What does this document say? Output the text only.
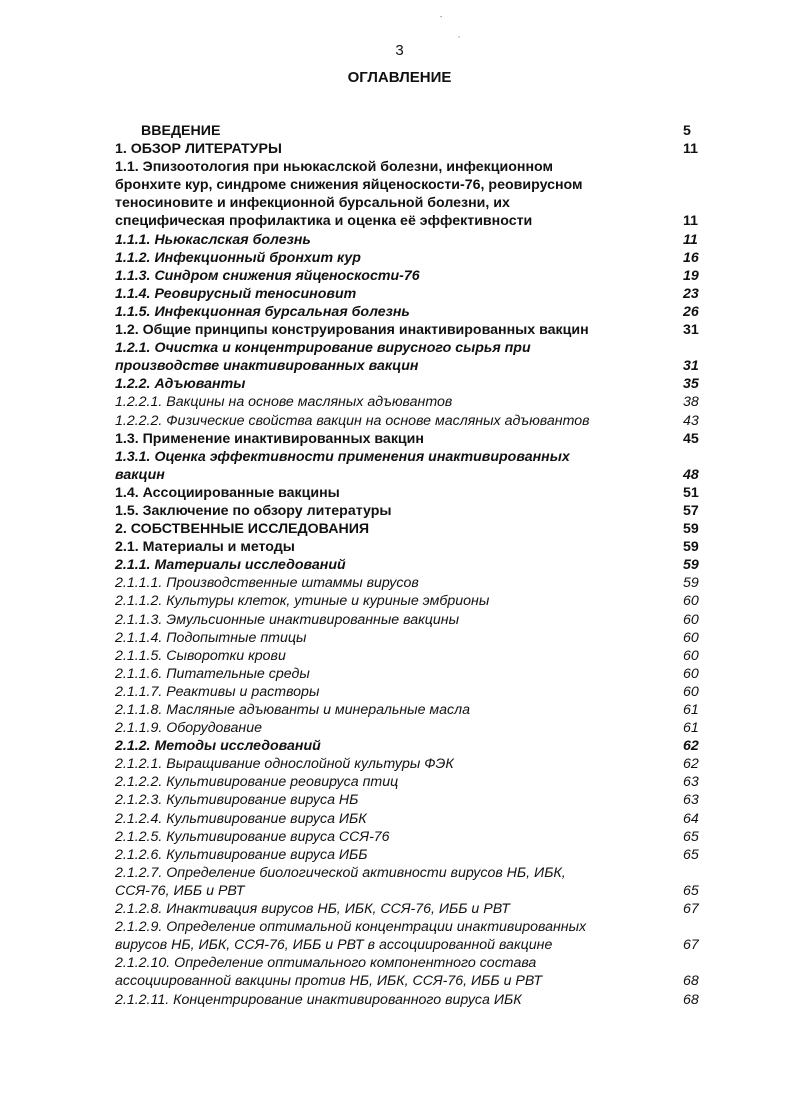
3
ОГЛАВЛЕНИЕ
ВВЕДЕНИЕ	5
1. ОБЗОР ЛИТЕРАТУРЫ	11
1.1. Эпизоотология при ньюкаслской болезни, инфекционном бронхите кур, синдроме снижения яйценоскости-76, реовирусном теносиновите и инфекционной бурсальной болезни, их специфическая профилактика и оценка её эффективности	11
1.1.1. Ньюкаслская болезнь	11
1.1.2. Инфекционный бронхит кур	16
1.1.3. Синдром снижения яйценоскости-76	19
1.1.4. Реовирусный теносиновит	23
1.1.5. Инфекционная бурсальная болезнь	26
1.2. Общие принципы конструирования инактивированных вакцин	31
1.2.1. Очистка и концентрирование вирусного сырья при производстве инактивированных вакцин	31
1.2.2. Адъюванты	35
1.2.2.1. Вакцины на основе масляных адъювантов	38
1.2.2.2. Физические свойства вакцин на основе масляных адъювантов	43
1.3. Применение инактивированных вакцин	45
1.3.1. Оценка эффективности применения инактивированных вакцин	48
1.4. Ассоциированные вакцины	51
1.5. Заключение по обзору литературы	57
2. СОБСТВЕННЫЕ ИССЛЕДОВАНИЯ	59
2.1. Материалы и методы	59
2.1.1. Материалы исследований	59
2.1.1.1. Производственные штаммы вирусов	59
2.1.1.2. Культуры клеток, утиные и куриные эмбрионы	60
2.1.1.3. Эмульсионные инактивированные вакцины	60
2.1.1.4. Подопытные птицы	60
2.1.1.5. Сыворотки крови	60
2.1.1.6. Питательные среды	60
2.1.1.7. Реактивы и растворы	60
2.1.1.8. Масляные адъюванты и минеральные масла	61
2.1.1.9. Оборудование	61
2.1.2. Методы исследований	62
2.1.2.1. Выращивание однослойной культуры ФЭК	62
2.1.2.2. Культивирование реовируса птиц	63
2.1.2.3. Культивирование вируса НБ	63
2.1.2.4. Культивирование вируса ИБК	64
2.1.2.5. Культивирование вируса ССЯ-76	65
2.1.2.6. Культивирование вируса ИББ	65
2.1.2.7. Определение биологической активности вирусов НБ, ИБК, ССЯ-76, ИББ и РВТ	65
2.1.2.8. Инактивация вирусов НБ, ИБК, ССЯ-76, ИББ и РВТ	67
2.1.2.9. Определение оптимальной концентрации инактивированных вирусов НБ, ИБК, ССЯ-76, ИББ и РВТ в ассоциированной вакцине	67
2.1.2.10. Определение оптимального компонентного состава ассоциированной вакцины против НБ, ИБК, ССЯ-76, ИББ и РВТ	68
2.1.2.11. Концентрирование инактивированного вируса ИБК	68
-
,
